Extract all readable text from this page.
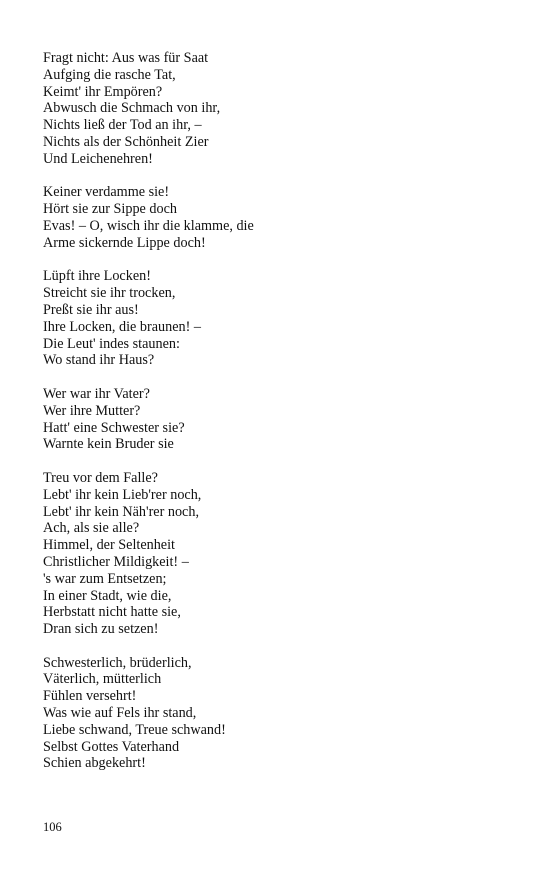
Fragt nicht: Aus was für Saat
Aufging die rasche Tat,
Keimt' ihr Empören?
Abwusch die Schmach von ihr,
Nichts ließ der Tod an ihr, –
Nichts als der Schönheit Zier
Und Leichenehren!
Keiner verdamme sie!
Hört sie zur Sippe doch
Evas! – O, wisch ihr die klamme, die
Arme sickernde Lippe doch!
Lüpft ihre Locken!
Streicht sie ihr trocken,
Preßt sie ihr aus!
Ihre Locken, die braunen! –
Die Leut' indes staunen:
Wo stand ihr Haus?
Wer war ihr Vater?
Wer ihre Mutter?
Hatt' eine Schwester sie?
Warnte kein Bruder sie
Treu vor dem Falle?
Lebt' ihr kein Lieb'rer noch,
Lebt' ihr kein Näh'rer noch,
Ach, als sie alle?
Himmel, der Seltenheit
Christlicher Mildigkeit! –
's war zum Entsetzen;
In einer Stadt, wie die,
Herbstatt nicht hatte sie,
Dran sich zu setzen!
Schwesterlich, brüderlich,
Väterlich, mütterlich
Fühlen versehrt!
Was wie auf Fels ihr stand,
Liebe schwand, Treue schwand!
Selbst Gottes Vaterhand
Schien abgekehrt!
106
